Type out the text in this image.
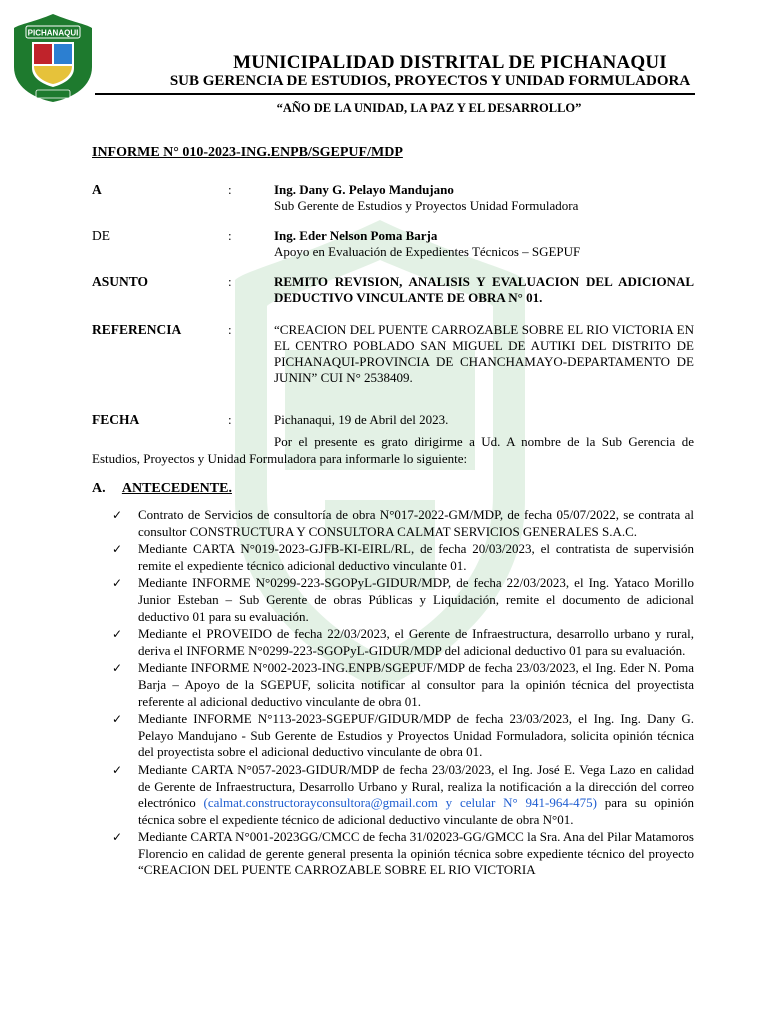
PICHANAQUI
MUNICIPALIDAD DISTRITAL DE PICHANAQUI
SUB GERENCIA DE ESTUDIOS, PROYECTOS Y UNIDAD FORMULADORA
“AÑO DE LA UNIDAD, LA PAZ Y EL DESARROLLO”
INFORME N° 010-2023-ING.ENPB/SGEPUF/MDP
A	:	Ing. Dany G. Pelayo Mandujano
Sub Gerente de Estudios y Proyectos Unidad Formuladora
DE	:	Ing. Eder Nelson Poma Barja
Apoyo en Evaluación de Expedientes Técnicos – SGEPUF
ASUNTO	:	REMITO REVISION, ANALISIS Y EVALUACION DEL ADICIONAL DEDUCTIVO VINCULANTE DE OBRA N° 01.
REFERENCIA	:	“CREACION DEL PUENTE CARROZABLE SOBRE EL RIO VICTORIA EN EL CENTRO POBLADO SAN MIGUEL DE AUTIKI DEL DISTRITO DE PICHANAQUI-PROVINCIA DE CHANCHAMAYO-DEPARTAMENTO DE JUNIN” CUI N° 2538409.
FECHA	:	Pichanaqui, 19 de Abril del 2023.
Por el presente es grato dirigirme a Ud. A nombre de la Sub Gerencia de Estudios, Proyectos y Unidad Formuladora para informarle lo siguiente:
A. ANTECEDENTE.
✓ Contrato de Servicios de consultoría de obra N°017-2022-GM/MDP, de fecha 05/07/2022, se contrata al consultor CONSTRUCTURA Y CONSULTORA CALMAT SERVICIOS GENERALES S.A.C.
✓ Mediante CARTA N°019-2023-GJFB-KI-EIRL/RL, de fecha 20/03/2023, el contratista de supervisión remite el expediente técnico adicional deductivo vinculante 01.
✓ Mediante INFORME N°0299-223-SGOPyL-GIDUR/MDP, de fecha 22/03/2023, el Ing. Yataco Morillo Junior Esteban – Sub Gerente de obras Públicas y Liquidación, remite el documento de adicional deductivo 01 para su evaluación.
✓ Mediante el PROVEIDO de fecha 22/03/2023, el Gerente de Infraestructura, desarrollo urbano y rural, deriva el INFORME N°0299-223-SGOPyL-GIDUR/MDP del adicional deductivo 01 para su evaluación.
✓ Mediante INFORME N°002-2023-ING.ENPB/SGEPUF/MDP de fecha 23/03/2023, el Ing. Eder N. Poma Barja – Apoyo de la SGEPUF, solicita notificar al consultor para la opinión técnica del proyectista referente al adicional deductivo vinculante de obra 01.
✓ Mediante INFORME N°113-2023-SGEPUF/GIDUR/MDP de fecha 23/03/2023, el Ing. Ing. Dany G. Pelayo Mandujano - Sub Gerente de Estudios y Proyectos Unidad Formuladora, solicita opinión técnica del proyectista sobre el adicional deductivo vinculante de obra 01.
✓ Mediante CARTA N°057-2023-GIDUR/MDP de fecha 23/03/2023, el Ing. José E. Vega Lazo en calidad de Gerente de Infraestructura, Desarrollo Urbano y Rural, realiza la notificación a la dirección del correo electrónico (calmat.constructorayconsultora@gmail.com y celular N° 941-964-475) para su opinión técnica sobre el expediente técnico de adicional deductivo vinculante de obra N°01.
✓ Mediante CARTA N°001-2023GG/CMCC de fecha 31/02023-GG/GMCC la Sra. Ana del Pilar Matamoros Florencio en calidad de gerente general presenta la opinión técnica sobre expediente técnico del proyecto “CREACION DEL PUENTE CARROZABLE SOBRE EL RIO VICTORIA
